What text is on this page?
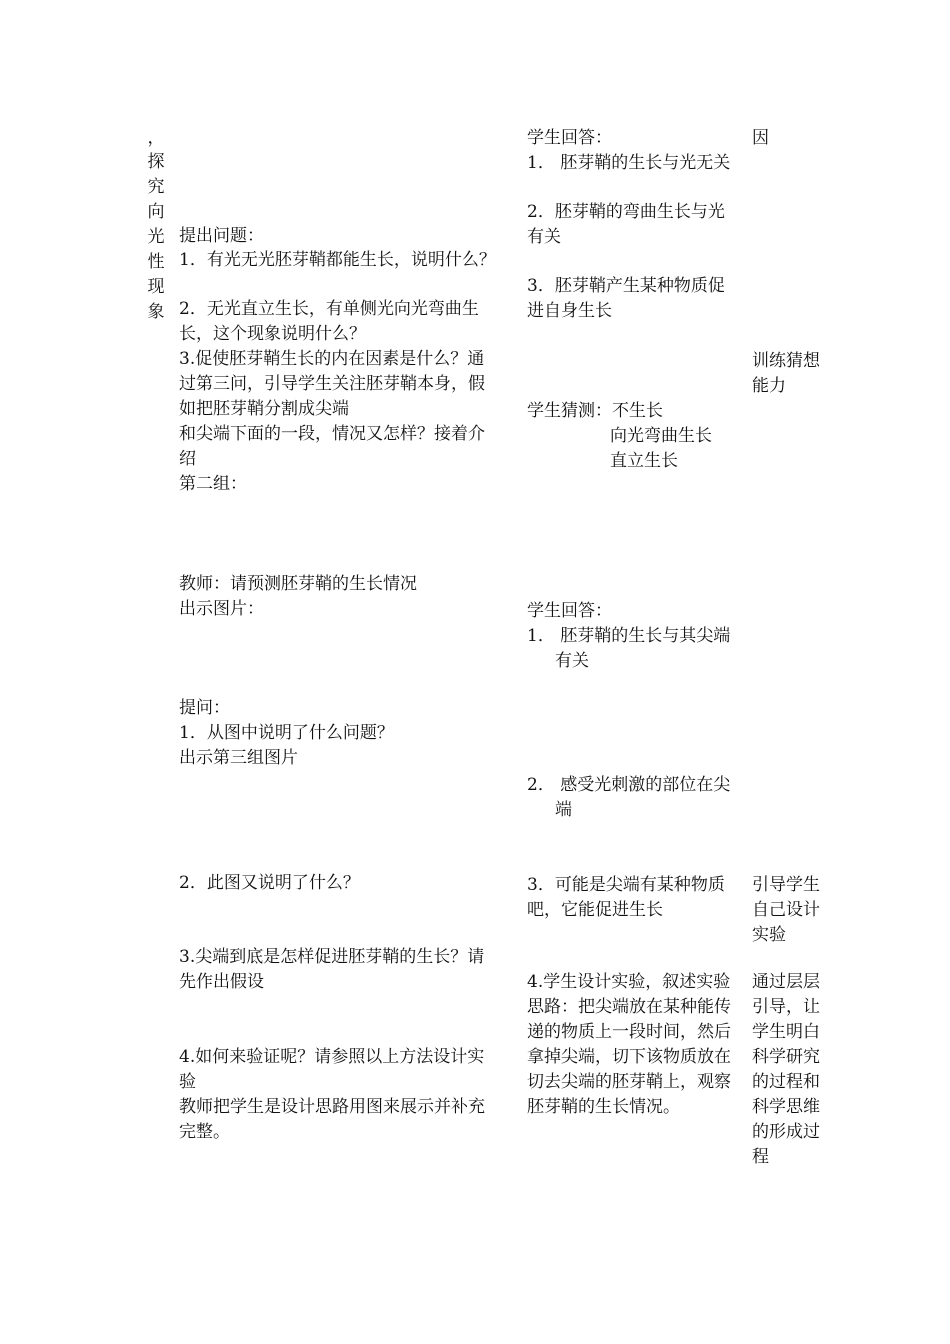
，
探
究
向
光
性
现
象
提出问题：
1．有光无光胚芽鞘都能生长，说明什么？
2．无光直立生长，有单侧光向光弯曲生
长，这个现象说明什么？
3.促使胚芽鞘生长的内在因素是什么？通
过第三问，引导学生关注胚芽鞘本身，假
如把胚芽鞘分割成尖端
和尖端下面的一段，情况又怎样？接着介
绍
第二组：
教师：请预测胚芽鞘的生长情况
出示图片：
提问：
1．从图中说明了什么问题？
出示第三组图片
2．此图又说明了什么？
3.尖端到底是怎样促进胚芽鞘的生长？请
先作出假设
4.如何来验证呢？请参照以上方法设计实
验
教师把学生是设计思路用图来展示并补充
完整。
学生回答：
1． 胚芽鞘的生长与光无关
2．胚芽鞘的弯曲生长与光
有关
3．胚芽鞘产生某种物质促
进自身生长
学生猜测：不生长
向光弯曲生长
直立生长
学生回答：
1． 胚芽鞘的生长与其尖端
有关
2． 感受光刺激的部位在尖
端
3．可能是尖端有某种物质
吧，它能促进生长
4.学生设计实验，叙述实验
思路：把尖端放在某种能传
递的物质上一段时间，然后
拿掉尖端，切下该物质放在
切去尖端的胚芽鞘上，观察
胚芽鞘的生长情况。
因
训练猜想
能力
引导学生
自己设计
实验
通过层层
引导，让
学生明白
科学研究
的过程和
科学思维
的形成过
程
